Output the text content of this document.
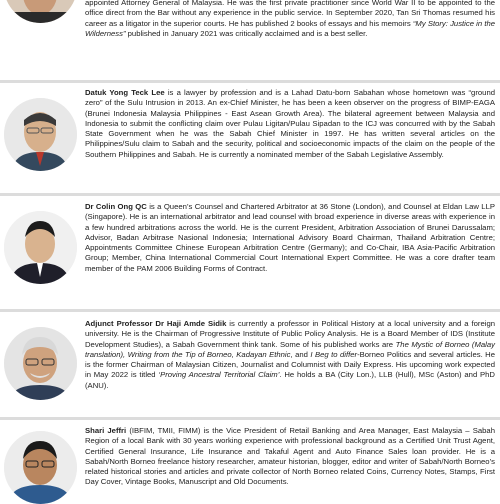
appointed Attorney General of Malaysia. He was the first private practitioner since World War II to be appointed to the office direct from the Bar without any experience in the public service. In September 2020, Tan Sri Thomas resumed his career as a litigator in the superior courts. He has published 2 books of essays and his memoirs “My Story: Justice in the Wilderness” published in January 2021 was critically acclaimed and is a best seller.

Datuk Yong Teck Lee is a lawyer by profession and is a Lahad Datu-born Sabahan whose hometown was “ground zero” of the Sulu Intrusion in 2013. An ex-Chief Minister, he has been a keen observer on the progress of BIMP-EAGA (Brunei Indonesia Malaysia Philippines - East Asean Growth Area). The bilateral agreement between Malaysia and Indonesia to submit the conflicting claim over Pulau Ligitan/Pulau Sipadan to the ICJ was concurred with by the Sabah State Government when he was the Sabah Chief Minister in 1997. He has written several articles on the Philippines/Sulu claim to Sabah and the security, political and socioeconomic impacts of the claim on the people of the Southern Philippines and Sabah. He is currently a nominated member of the Sabah Legislative Assembly.

Dr Colin Ong QC is a Queen’s Counsel and Chartered Arbitrator at 36 Stone (London), and Counsel at Eldan Law LLP (Singapore). He is an international arbitrator and lead counsel with broad experience in diverse areas with experience in a few hundred arbitrations across the world. He is the current President, Arbitration Association of Brunei Darussalam; Advisor, Badan Arbitrase Nasional Indonesia; International Advisory Board Chairman, Thailand Arbitration Centre; Appointments Committee Chinese European Arbitration Centre (Germany); and Co-Chair, IBA Asia-Pacific Arbitration Group; Member, China International Commercial Court International Expert Committee. He was a core drafter team member of the PAM 2006 Building Forms of Contract.

Adjunct Professor Dr Haji Amde Sidik is currently a professor in Political History at a local university and a foreign university. He is the Chairman of Progressive Institute of Public Policy Analysis. He is a Board Member of IDS (Institute Development Studies), a Sabah Government think tank. Some of his published works are The Mystic of Borneo (Malay translation), Writing from the Tip of Borneo, Kadayan Ethnic, and I Beg to differ-Borneo Politics and several articles. He is the former Chairman of Malaysian Citizen, Journalist and Columnist with Daily Express. His upcoming work expected in May 2022 is titled ‘Proving Ancestral Territorial Claim’. He holds a BA (City Lon.), LLB (Hull), MSc (Aston) and PhD (ANU).

Shari Jeffri (IBFIM, TMII, FIMM) is the Vice President of Retail Banking and Area Manager, East Malaysia – Sabah Region of a local Bank with 30 years working experience with professional background as a Certified Unit Trust Agent, Certified General Insurance, Life Insurance and Takaful Agent and Auto Finance Sales loan provider. He is a Sabah/North Borneo freelance history researcher, amateur historian, blogger, editor and writer of Sabah/North Borneo’s related historical stories and articles and private collector of North Borneo related Coins, Currency Notes, Stamps, First Day Cover, Vintage Books, Manuscript and Old Documents.
